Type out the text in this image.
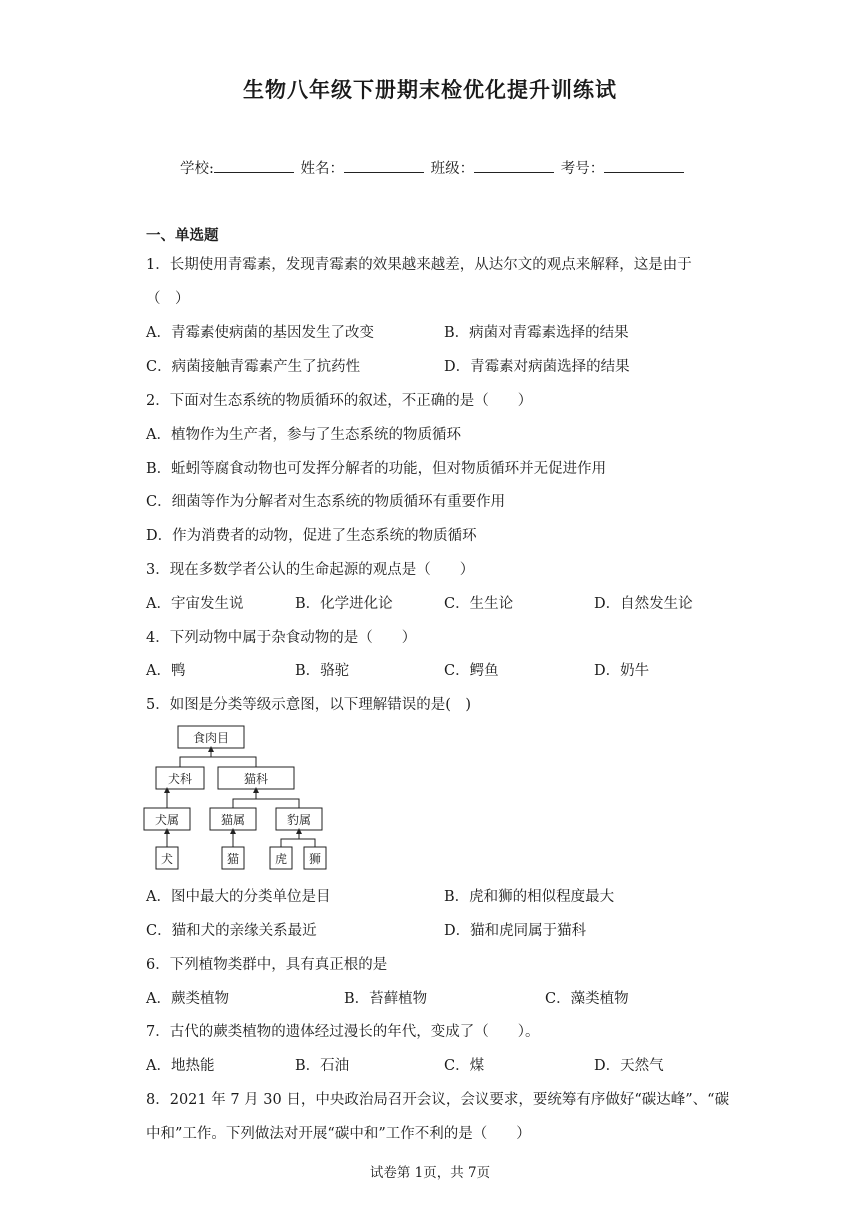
生物八年级下册期末检优化提升训练试
学校:	姓名：	班级：	考号：
一、单选题
1．长期使用青霉素，发现青霉素的效果越来越差，从达尔文的观点来解释，这是由于
（　）
A．青霉素使病菌的基因发生了改变	B．病菌对青霉素选择的结果
C．病菌接触青霉素产生了抗药性	D．青霉素对病菌选择的结果
2．下面对生态系统的物质循环的叙述，不正确的是（　　）
A．植物作为生产者，参与了生态系统的物质循环
B．蚯蚓等腐食动物也可发挥分解者的功能，但对物质循环并无促进作用
C．细菌等作为分解者对生态系统的物质循环有重要作用
D．作为消费者的动物，促进了生态系统的物质循环
3．现在多数学者公认的生命起源的观点是（　　）
A．宇宙发生说	B．化学进化论	C．生生论	D．自然发生论
4．下列动物中属于杂食动物的是（　　）
A．鸭	B．骆驼	C．鳄鱼	D．奶牛
5．如图是分类等级示意图，以下理解错误的是(　)
食肉目
犬科	猫科
犬属	猫属	豹属
犬	猫	虎 狮
A．图中最大的分类单位是目	B．虎和狮的相似程度最大
C．猫和犬的亲缘关系最近	D．猫和虎同属于猫科
6．下列植物类群中，具有真正根的是
A．蕨类植物	B．苔藓植物	C．藻类植物
7．古代的蕨类植物的遗体经过漫长的年代，变成了（　　）。
A．地热能	B．石油	C．煤	D．天然气
8．2021 年 7 月 30 日，中央政治局召开会议，会议要求，要统筹有序做好“碳达峰”、“碳
中和”工作。下列做法对开展“碳中和”工作不利的是（　　）
试卷第 1页，共 7页
